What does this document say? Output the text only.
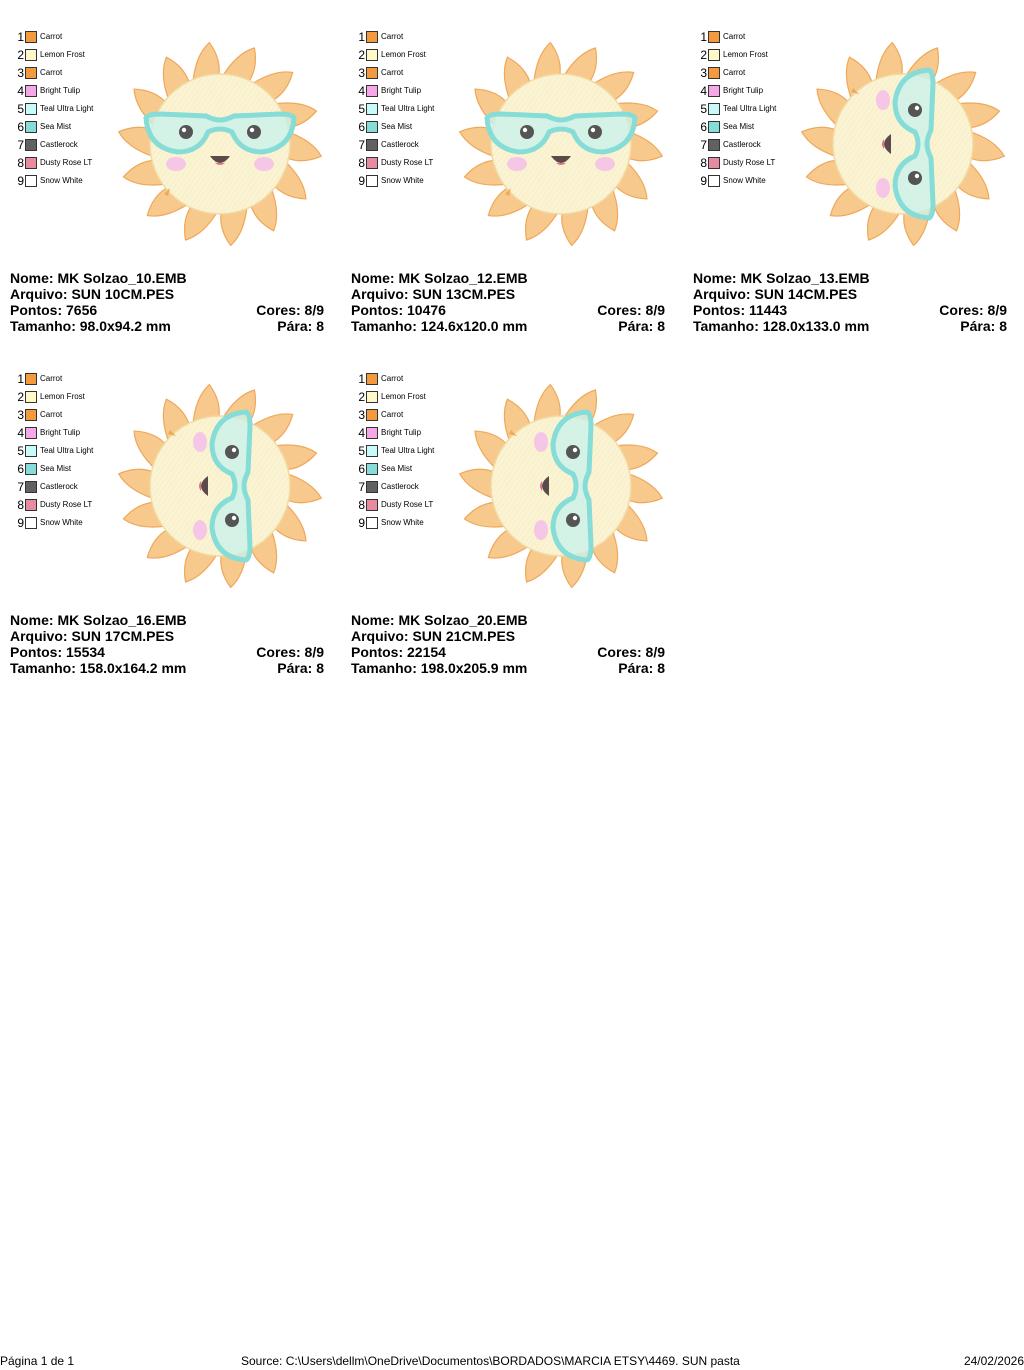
1 Carrot
2 Lemon Frost
3 Carrot
4 Bright Tulip
5 Teal Ultra Light
6 Sea Mist
7 Castlerock
8 Dusty Rose LT
9 Snow White
Nome: MK Solzao_10.EMB
Arquivo: SUN 10CM.PES
Pontos: 7656	Cores: 8/9
Tamanho: 98.0x94.2 mm	Pára: 8
1 Carrot
2 Lemon Frost
3 Carrot
4 Bright Tulip
5 Teal Ultra Light
6 Sea Mist
7 Castlerock
8 Dusty Rose LT
9 Snow White
Nome: MK Solzao_12.EMB
Arquivo: SUN 13CM.PES
Pontos: 10476	Cores: 8/9
Tamanho: 124.6x120.0 mm	Pára: 8
1 Carrot
2 Lemon Frost
3 Carrot
4 Bright Tulip
5 Teal Ultra Light
6 Sea Mist
7 Castlerock
8 Dusty Rose LT
9 Snow White
Nome: MK Solzao_13.EMB
Arquivo: SUN 14CM.PES
Pontos: 11443	Cores: 8/9
Tamanho: 128.0x133.0 mm	Pára: 8
1 Carrot
2 Lemon Frost
3 Carrot
4 Bright Tulip
5 Teal Ultra Light
6 Sea Mist
7 Castlerock
8 Dusty Rose LT
9 Snow White
Nome: MK Solzao_16.EMB
Arquivo: SUN 17CM.PES
Pontos: 15534	Cores: 8/9
Tamanho: 158.0x164.2 mm	Pára: 8
1 Carrot
2 Lemon Frost
3 Carrot
4 Bright Tulip
5 Teal Ultra Light
6 Sea Mist
7 Castlerock
8 Dusty Rose LT
9 Snow White
Nome: MK Solzao_20.EMB
Arquivo: SUN 21CM.PES
Pontos: 22154	Cores: 8/9
Tamanho: 198.0x205.9 mm	Pára: 8
Página 1 de 1	Source: C:\Users\dellm\OneDrive\Documentos\BORDADOS\MARCIA ETSY\4469. SUN pasta	24/02/2026
